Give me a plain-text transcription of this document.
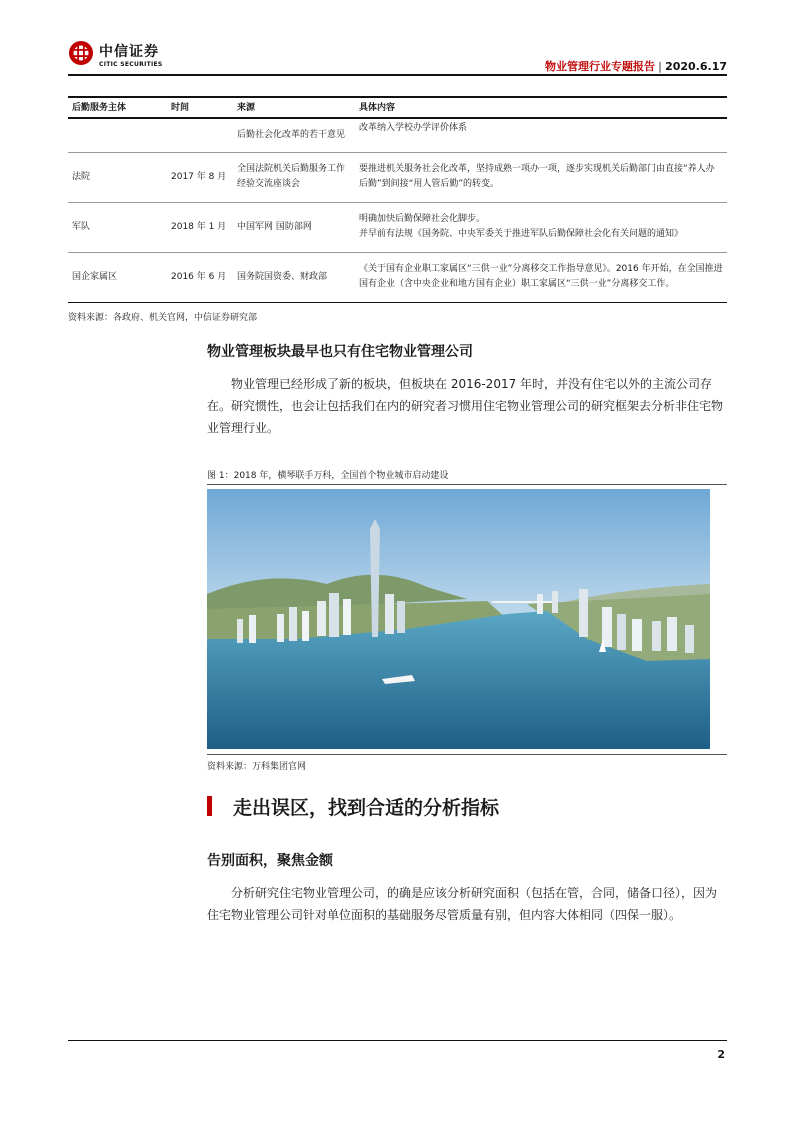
中信证券
CITIC SECURITIES	物业管理行业专题报告 | 2020.6.17
后勤服务主体	时间	来源	具体内容
		后勤社会化改革的若干意见	改革纳入学校办学评价体系
法院	2017 年 8 月	全国法院机关后勤服务工作经验交流座谈会	要推进机关服务社会化改革，坚持成熟一项办一项，逐步实现机关后勤部门由直接“养人办后勤”到间接“用人管后勤”的转变。
军队	2018 年 1 月	中国军网 国防部网	明确加快后勤保障社会化脚步。
并早前有法规《国务院、中央军委关于推进军队后勤保障社会化有关问题的通知》
国企家属区	2016 年 6 月	国务院国资委、财政部	《关于国有企业职工家属区“三供一业”分离移交工作指导意见》。2016 年开始，在全国推进国有企业（含中央企业和地方国有企业）职工家属区“三供一业”分离移交工作。
资料来源：各政府、机关官网，中信证券研究部
物业管理板块最早也只有住宅物业管理公司
物业管理已经形成了新的板块，但板块在 2016-2017 年时，并没有住宅以外的主流公司存在。研究惯性，也会让包括我们在内的研究者习惯用住宅物业管理公司的研究框架去分析非住宅物业管理行业。
图 1：2018 年，横琴联手万科，全国首个物业城市启动建设
资料来源：万科集团官网
走出误区，找到合适的分析指标
告别面积，聚焦金额
分析研究住宅物业管理公司，的确是应该分析研究面积（包括在管，合同，储备口径），因为住宅物业管理公司针对单位面积的基础服务尽管质量有别，但内容大体相同（四保一服）。
2
